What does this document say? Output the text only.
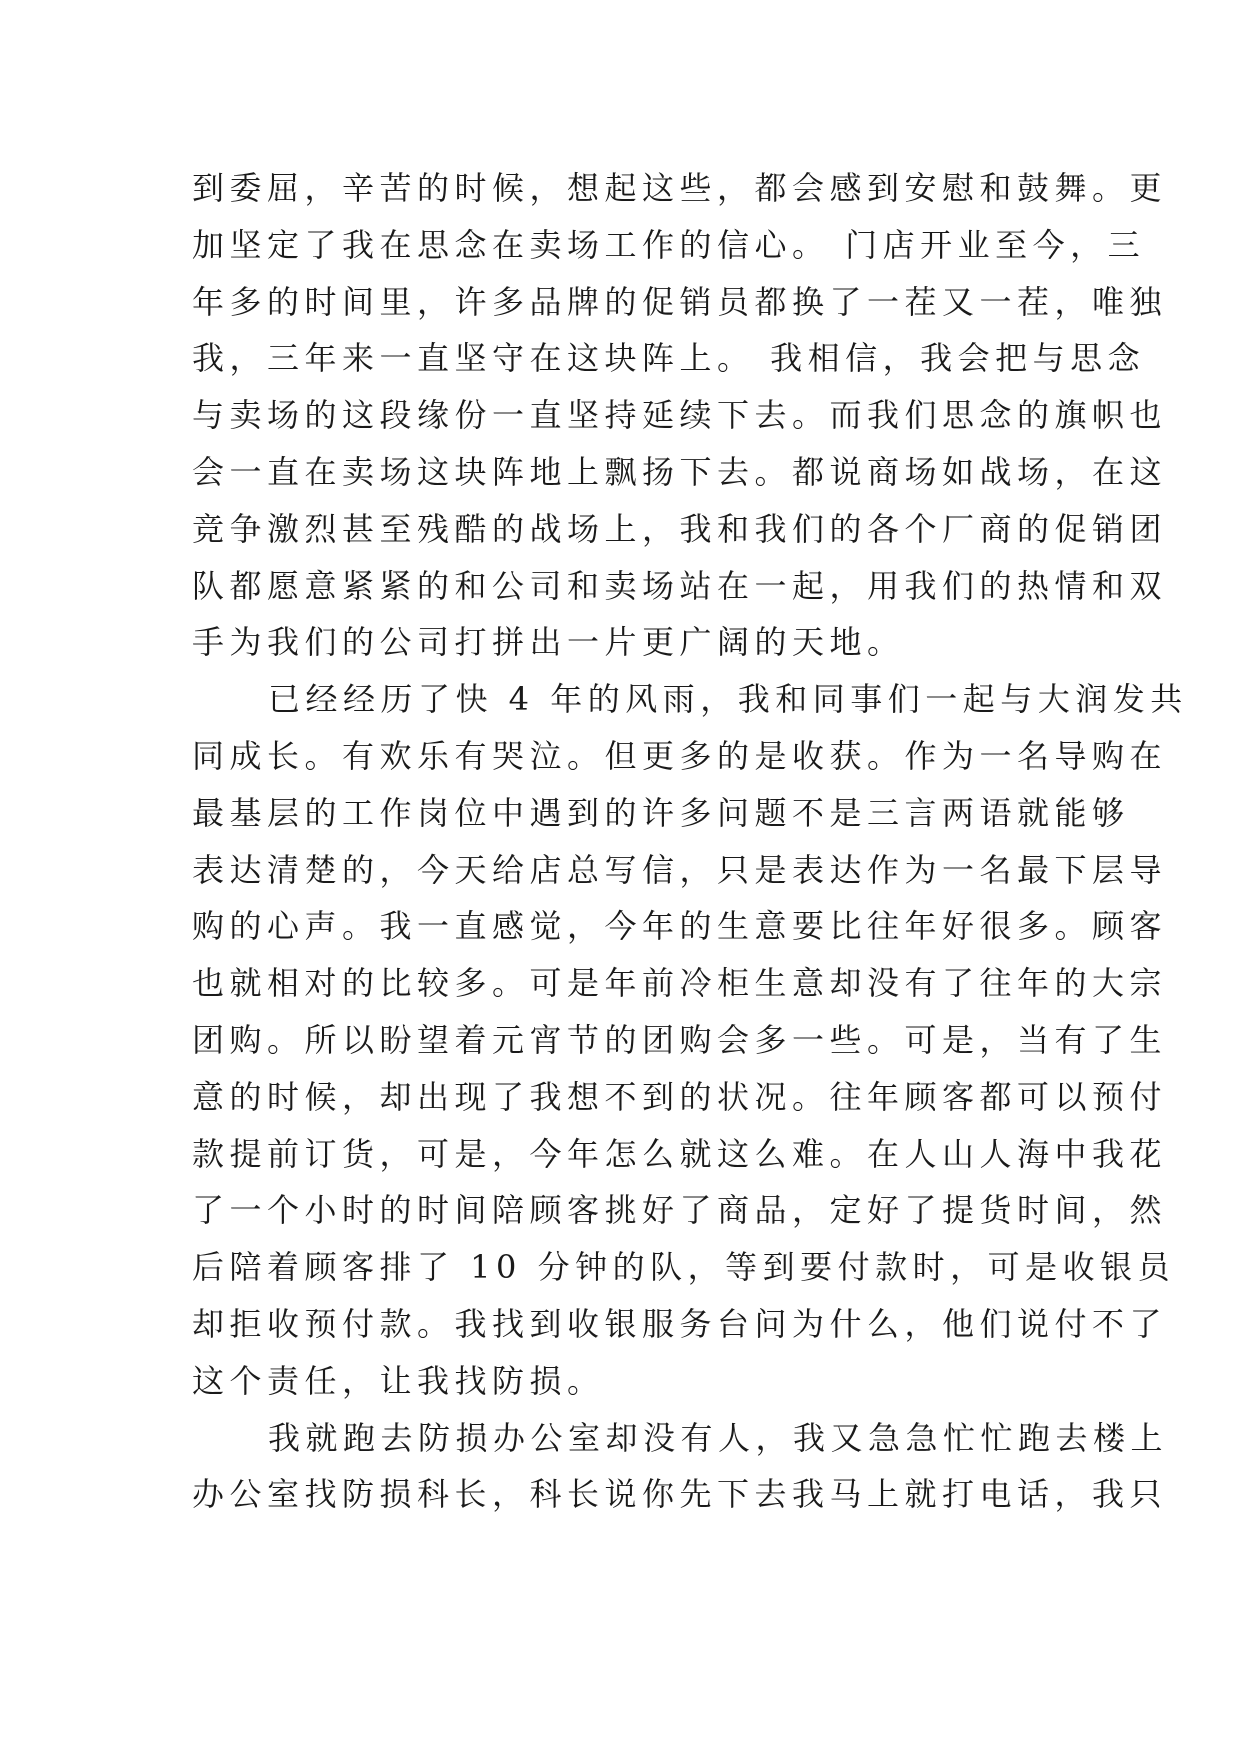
到委屈，辛苦的时候，想起这些，都会感到安慰和鼓舞。更
加坚定了我在思念在卖场工作的信心。 门店开业至今，三
年多的时间里，许多品牌的促销员都换了一茬又一茬，唯独
我，三年来一直坚守在这块阵上。 我相信，我会把与思念
与卖场的这段缘份一直坚持延续下去。而我们思念的旗帜也
会一直在卖场这块阵地上飘扬下去。都说商场如战场，在这
竞争激烈甚至残酷的战场上，我和我们的各个厂商的促销团
队都愿意紧紧的和公司和卖场站在一起，用我们的热情和双
手为我们的公司打拼出一片更广阔的天地。
已经经历了快 4 年的风雨，我和同事们一起与大润发共
同成长。有欢乐有哭泣。但更多的是收获。作为一名导购在
最基层的工作岗位中遇到的许多问题不是三言两语就能够
表达清楚的，今天给店总写信，只是表达作为一名最下层导
购的心声。我一直感觉，今年的生意要比往年好很多。顾客
也就相对的比较多。可是年前冷柜生意却没有了往年的大宗
团购。所以盼望着元宵节的团购会多一些。可是，当有了生
意的时候，却出现了我想不到的状况。往年顾客都可以预付
款提前订货，可是，今年怎么就这么难。在人山人海中我花
了一个小时的时间陪顾客挑好了商品，定好了提货时间，然
后陪着顾客排了 10 分钟的队，等到要付款时，可是收银员
却拒收预付款。我找到收银服务台问为什么，他们说付不了
这个责任，让我找防损。
我就跑去防损办公室却没有人，我又急急忙忙跑去楼上
办公室找防损科长，科长说你先下去我马上就打电话，我只
